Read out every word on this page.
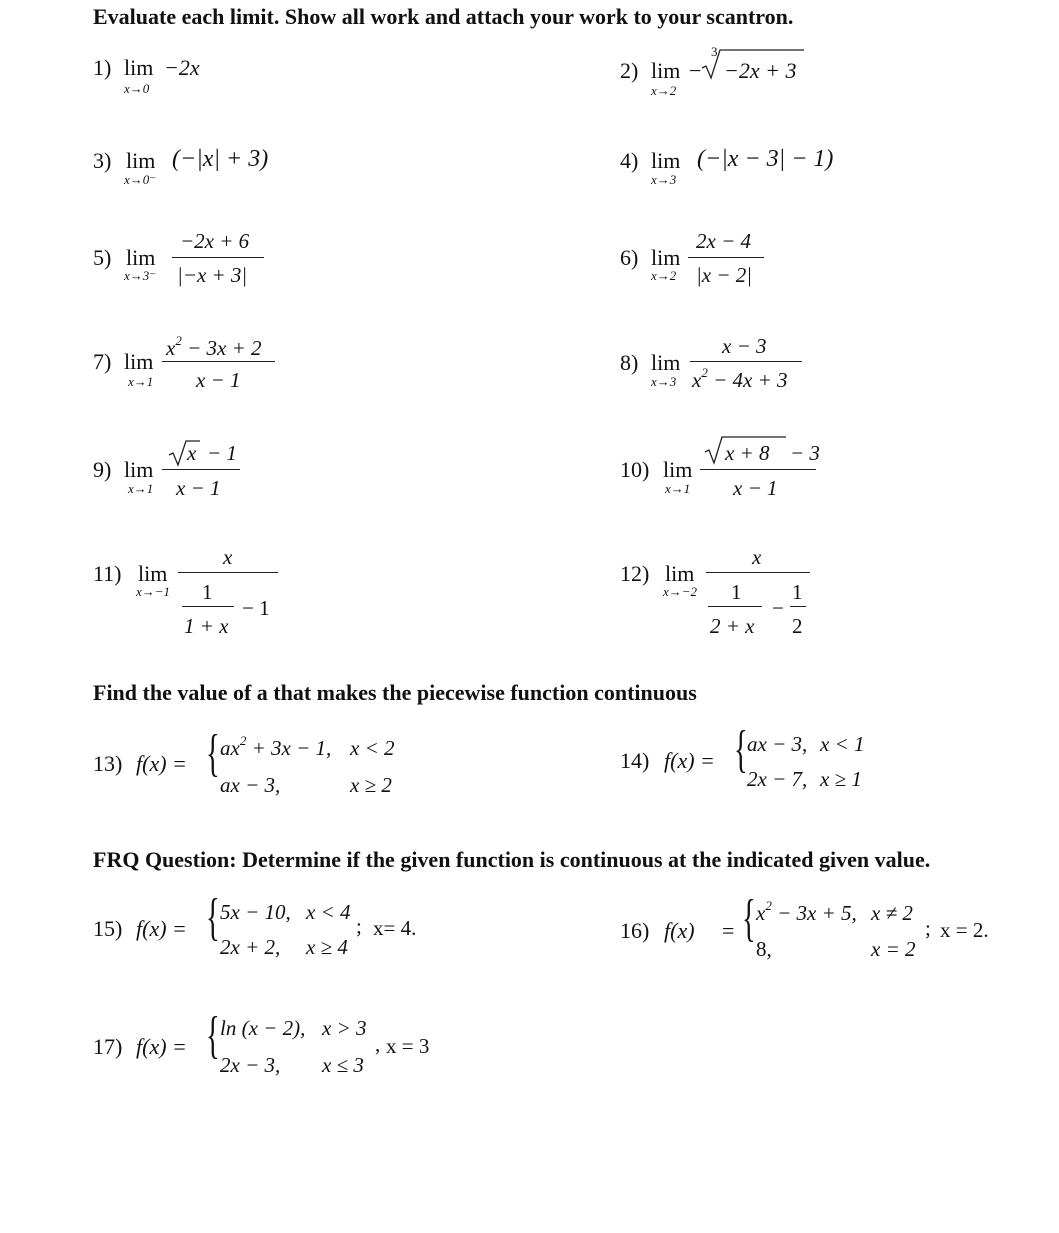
Evaluate each limit. Show all work and attach your work to your scantron.
Find the value of a that makes the piecewise function continuous
FRQ Question: Determine if the given function is continuous at the indicated given value.
1) lim −2x
x→0
2) lim
x→2
−
3
−2x + 3
3) lim
x→0⁻
(−|x| + 3)	4) lim
x→3
(−|x − 3| − 1)
5) lim
x→3⁻
−2x + 6
|−x + 3|
6) lim
x→2
2x − 4
|x − 2|
7) lim
x→1
$x^2 - 3x + 2$
x − 1
8) lim
x→3
x − 3
$x^2 - 4x + 3$
9) lim
x→1
x − 1
x − 1
10) lim
x→1
x + 8 − 3
x − 1
11) lim
x→−1
x
1
1 + x
− 1
12) lim
x→−2
x
1
2 + x
−
1
2
13) f(x) = { $ax^2 + 3x - 1$, x < 2
ax − 3,	x ≥ 2
14) f(x) = { ax − 3, x < 1
2x − 7, x ≥ 1
15) f(x) = { 5x − 10, x < 4
2x + 2, x ≥ 4
; x= 4.	16) f(x) = { $x^2 - 3x + 5$, x ≠ 2
8,	x = 2
; x = 2.
17) f(x) = { ln (x − 2), x > 3
2x − 3, x ≤ 3
, x = 3
